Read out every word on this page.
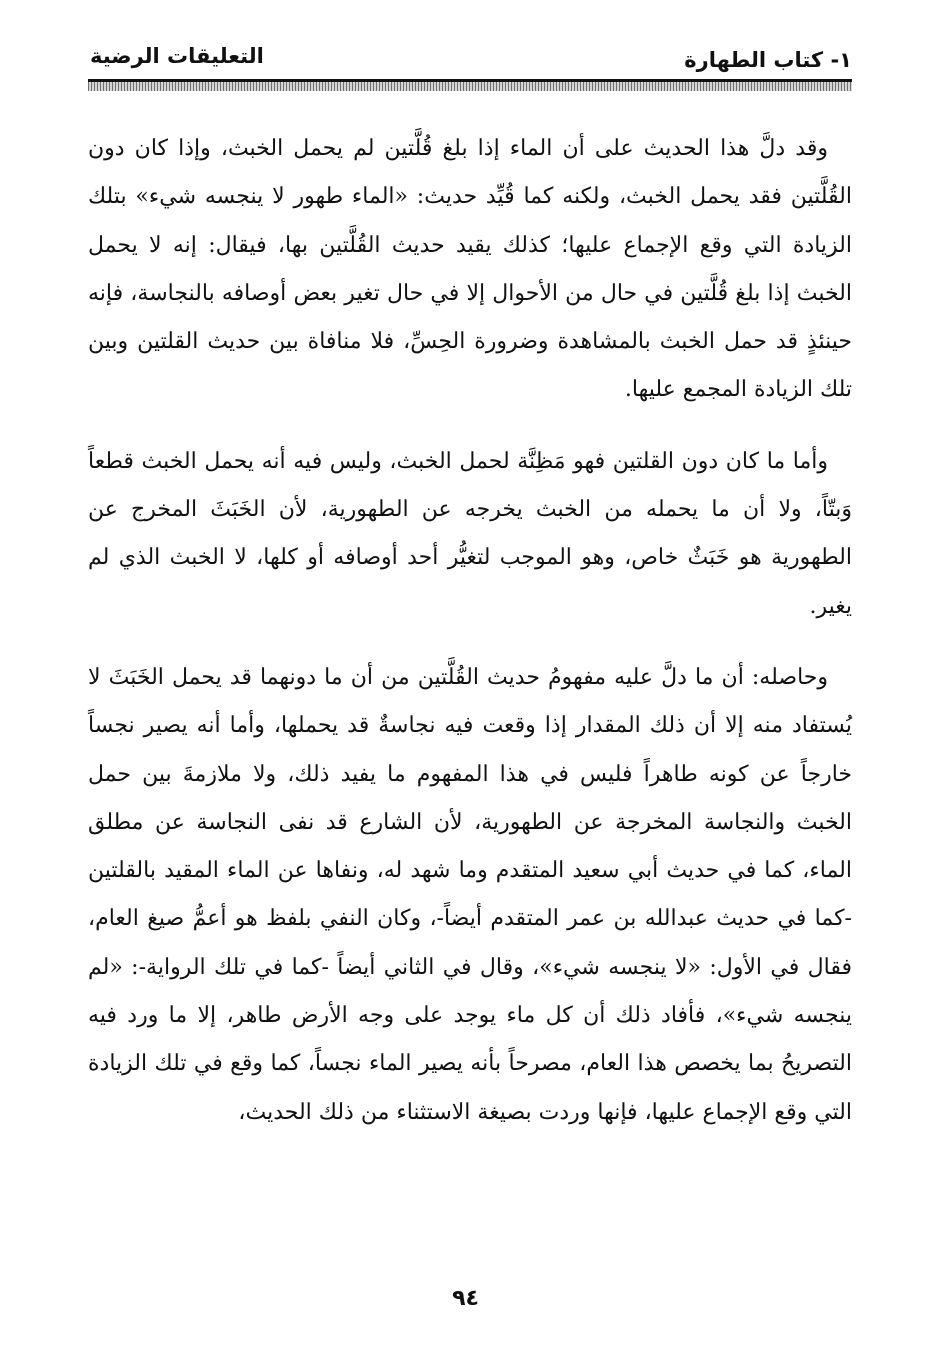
١- كتاب الطهارة
التعليقات الرضية

وقد دلَّ هذا الحديث على أن الماء إذا بلغ قُلَّتين لم يحمل الخبث، وإذا كان دون القُلَّتين فقد يحمل الخبث، ولكنه كما قُيِّد حديث: «الماء طهور لا ينجسه شيء» بتلك الزيادة التي وقع الإجماع عليها؛ كذلك يقيد حديث القُلَّتين بها، فيقال: إنه لا يحمل الخبث إذا بلغ قُلَّتين في حال من الأحوال إلا في حال تغير بعض أوصافه بالنجاسة، فإنه حينئذٍ قد حمل الخبث بالمشاهدة وضرورة الحِسِّ، فلا منافاة بين حديث القلتين وبين تلك الزيادة المجمع عليها.

وأما ما كان دون القلتين فهو مَظِنَّة لحمل الخبث، وليس فيه أنه يحمل الخبث قطعاً وَبتّاً، ولا أن ما يحمله من الخبث يخرجه عن الطهورية، لأن الخَبَثَ المخرج عن الطهورية هو خَبَثٌ خاص، وهو الموجب لتغيُّر أحد أوصافه أو كلها، لا الخبث الذي لم يغير.

وحاصله: أن ما دلَّ عليه مفهومُ حديث القُلَّتين من أن ما دونهما قد يحمل الخَبَثَ لا يُستفاد منه إلا أن ذلك المقدار إذا وقعت فيه نجاسةٌ قد يحملها، وأما أنه يصير نجساً خارجاً عن كونه طاهراً فليس في هذا المفهوم ما يفيد ذلك، ولا ملازمةَ بين حمل الخبث والنجاسة المخرجة عن الطهورية، لأن الشارع قد نفى النجاسة عن مطلق الماء، كما في حديث أبي سعيد المتقدم وما شهد له، ونفاها عن الماء المقيد بالقلتين -كما في حديث عبدالله بن عمر المتقدم أيضاً-، وكان النفي بلفظ هو أعمُّ صيغ العام، فقال في الأول: «لا ينجسه شيء»، وقال في الثاني أيضاً -كما في تلك الرواية-: «لم ينجسه شيء»، فأفاد ذلك أن كل ماء يوجد على وجه الأرض طاهر، إلا ما ورد فيه التصريحُ بما يخصص هذا العام، مصرحاً بأنه يصير الماء نجساً، كما وقع في تلك الزيادة التي وقع الإجماع عليها، فإنها وردت بصيغة الاستثناء من ذلك الحديث،

٩٤
